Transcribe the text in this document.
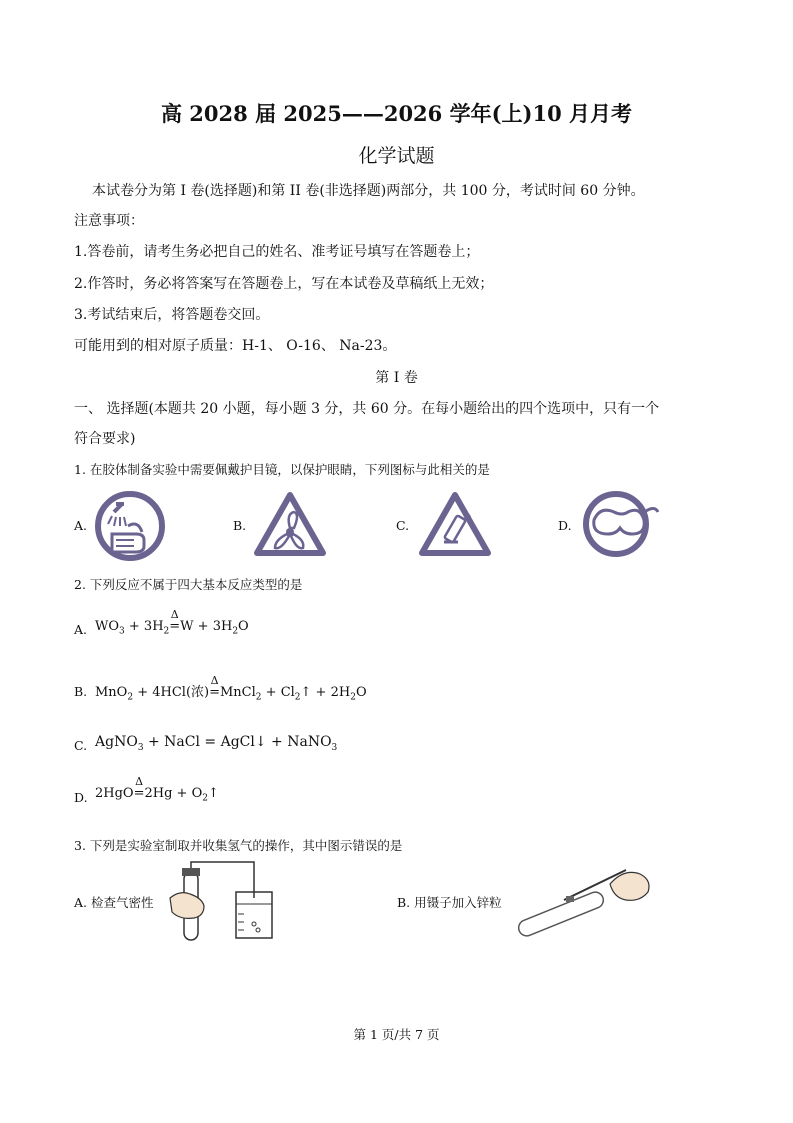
高 2028 届 2025——2026 学年(上)10 月月考
化学试题
本试卷分为第 I 卷(选择题)和第 II 卷(非选择题)两部分，共 100 分，考试时间 60 分钟。
注意事项：
1.答卷前，请考生务必把自己的姓名、准考证号填写在答题卷上；
2.作答时，务必将答案写在答题卷上，写在本试卷及草稿纸上无效；
3.考试结束后，将答题卷交回。
可能用到的相对原子质量：H-1、 O-16、 Na-23。
第 I 卷
一、 选择题(本题共 20 小题，每小题 3 分，共 60 分。在每小题给出的四个选项中，只有一个
符合要求)
1. 在胶体制备实验中需要佩戴护目镜，以保护眼睛，下列图标与此相关的是
A.	B.	C.	D.
2. 下列反应不属于四大基本反应类型的是
A. $WO_3 + 3H_2$
Δ
$=W + 3H_2O$
B. MnO$_2$ + 4HCl(浓)
Δ
=MnCl$_2$ + $Cl_2↑ + 2H_2O$
C. AgNO$_3$ + NaCl = AgCl↓ + NaNO$_3$
D. 2HgO
Δ
$=2Hg + O_2↑$
3. 下列是实验室制取并收集氢气的操作，其中图示错误的是
A. 检查气密性	B. 用镊子加入锌粒
第 1 页/共 7 页
